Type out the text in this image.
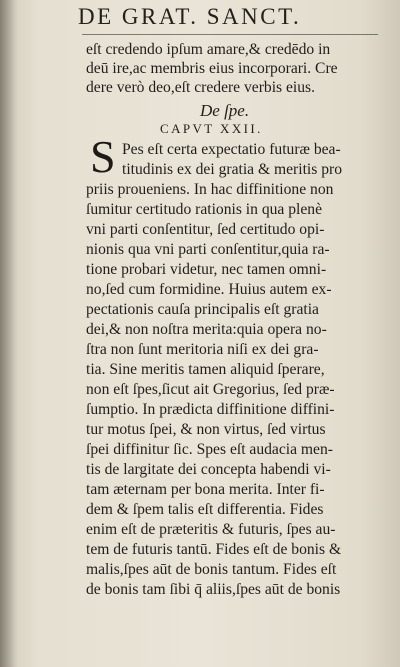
DE GRAT. SANCT.
eſt credendo ipſum amare,& credēdo in
deū ire,ac membris eius incorporari. Cre
dere verò deo,eſt credere verbis eius.
De ſpe.
CAPVT XXII.
S Pes eſt certa expectatio futuræ bea-
titudinis ex dei gratia & meritis pro
priis proueniens. In hac diffinitione non
ſumitur certitudo rationis in qua plenè
vni parti conſentitur, ſed certitudo opi-
nionis qua vni parti conſentitur,quia ra-
tione probari videtur, nec tamen omni-
no,ſed cum formidine. Huius autem ex-
pectationis cauſa principalis eſt gratia
dei,& non noſtra merita:quia opera no-
ſtra non ſunt meritoria niſi ex dei gra-
tia. Sine meritis tamen aliquid ſperare,
non eſt ſpes,ſicut ait Gregorius, ſed præ-
ſumptio. In prædicta diffinitione diffini-
tur motus ſpei, & non virtus, ſed virtus
ſpei diffinitur ſic. Spes eſt audacia men-
tis de largitate dei concepta habendi vi-
tam æternam per bona merita. Inter fi-
dem & ſpem talis eſt differentia. Fides
enim eſt de præteritis & futuris, ſpes au-
tem de futuris tantū. Fides eſt de bonis &
malis,ſpes aūt de bonis tantum. Fides eſt
de bonis tam ſibi q̄ aliis,ſpes aūt de bonis
